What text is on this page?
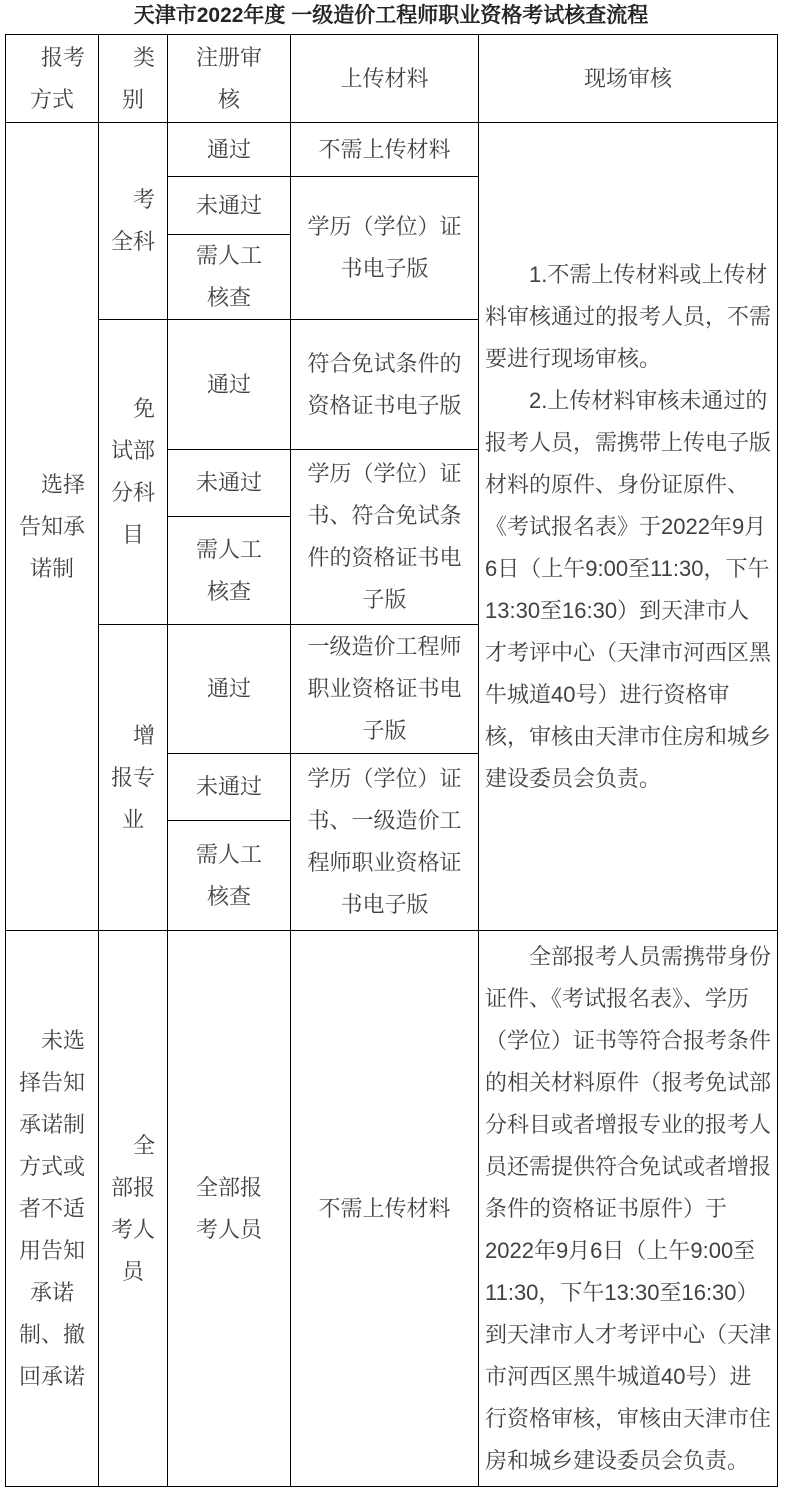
天津市2022年度 一级造价工程师职业资格考试核查流程
报考方式	类别	注册审核	上传材料	现场审核
选择告知承诺制	考全科	通过	不需上传材料	1.不需上传材料或上传材料审核通过的报考人员，不需要进行现场审核。

2.上传材料审核未通过的报考人员，需携带上传电子版材料的原件、身份证原件、《考试报名表》于2022年9月6日（上午9:00至11:30，下午13:30至16:30）到天津市人才考评中心（天津市河西区黑牛城道40号）进行资格审核，审核由天津市住房和城乡建设委员会负责。

		未通过	学历（学位）证书电子版	
		需人工核查		
	免试部分科目	通过	符合免试条件的资格证书电子版	
		未通过	学历（学位）证书、符合免试条件的资格证书电子版	
		需人工核查		
	增报专业	通过	一级造价工程师职业资格证书电子版	
		未通过	学历（学位）证书、一级造价工程师职业资格证书电子版	
		需人工核查		
未选择告知承诺制方式或者不适用告知承诺制、撤回承诺	全部报考人员	全部报考人员	不需上传材料	全部报考人员需携带身份证件、《考试报名表》、学历（学位）证书等符合报考条件的相关材料原件（报考免试部分科目或者增报专业的报考人员还需提供符合免试或者增报条件的资格证书原件）于2022年9月6日（上午9:00至11:30，下午13:30至16:30）到天津市人才考评中心（天津市河西区黑牛城道40号）进行资格审核，审核由天津市住房和城乡建设委员会负责。
